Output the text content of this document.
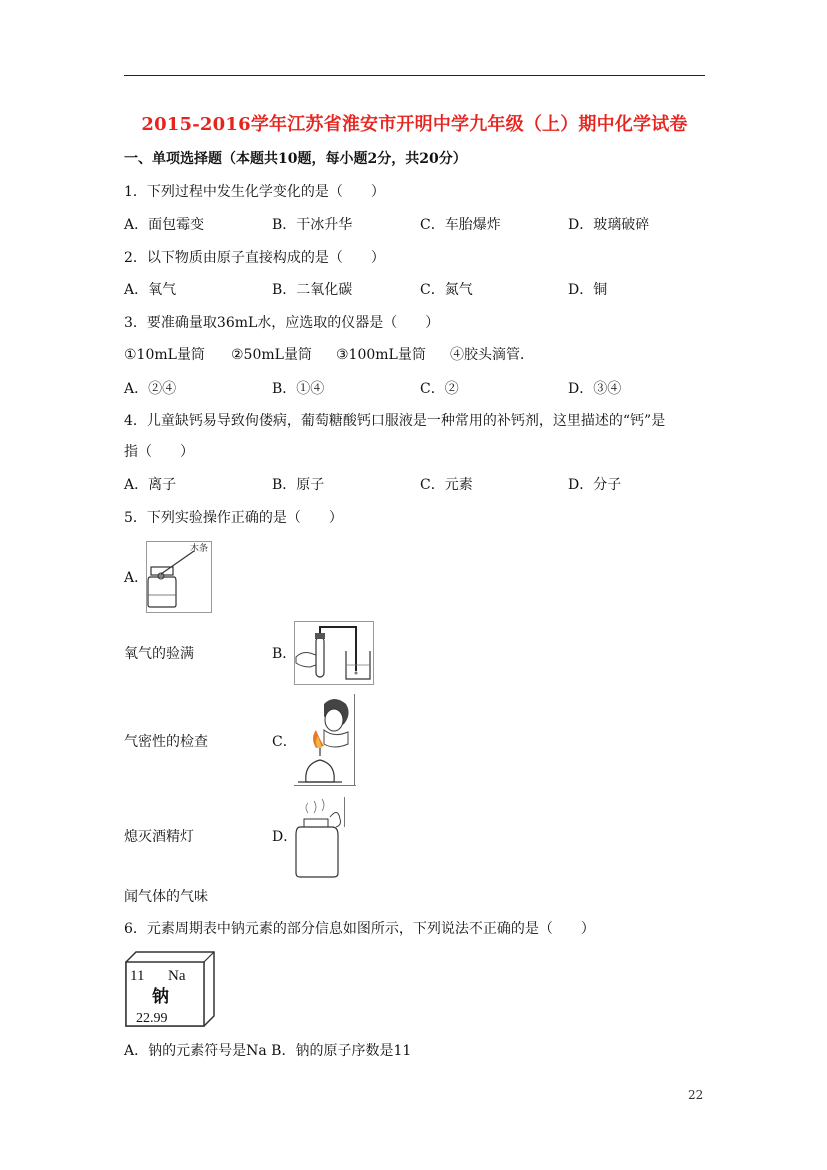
2015-2016学年江苏省淮安市开明中学九年级（上）期中化学试卷
一、单项选择题（本题共10题，每小题2分，共20分）
1．下列过程中发生化学变化的是（　　）
A．面包霉变	B．干冰升华	C．车胎爆炸	D．玻璃破碎
2．以下物质由原子直接构成的是（　　）
A．氧气	B．二氧化碳	C．氮气	D．铜
3．要准确量取36mL水，应选取的仪器是（　　）
①10mL量筒 ②50mL量筒 ③100mL量筒 ④胶头滴管．
A．②④	B．①④	C．②	D．③④
4．儿童缺钙易导致佝偻病，葡萄糖酸钙口服液是一种常用的补钙剂，这里描述的“钙”是
指（　　）
A．离子	B．原子	C．元素	D．分子
5．下列实验操作正确的是（　　）
A．
木条
氧气的验满	B．
气密性的检查	C．
熄灭酒精灯	D．
闻气体的气味
6．元素周期表中钠元素的部分信息如图所示，下列说法不正确的是（　　）
11 Na
钠
22.99
A．钠的元素符号是Na B．钠的原子序数是11
22
